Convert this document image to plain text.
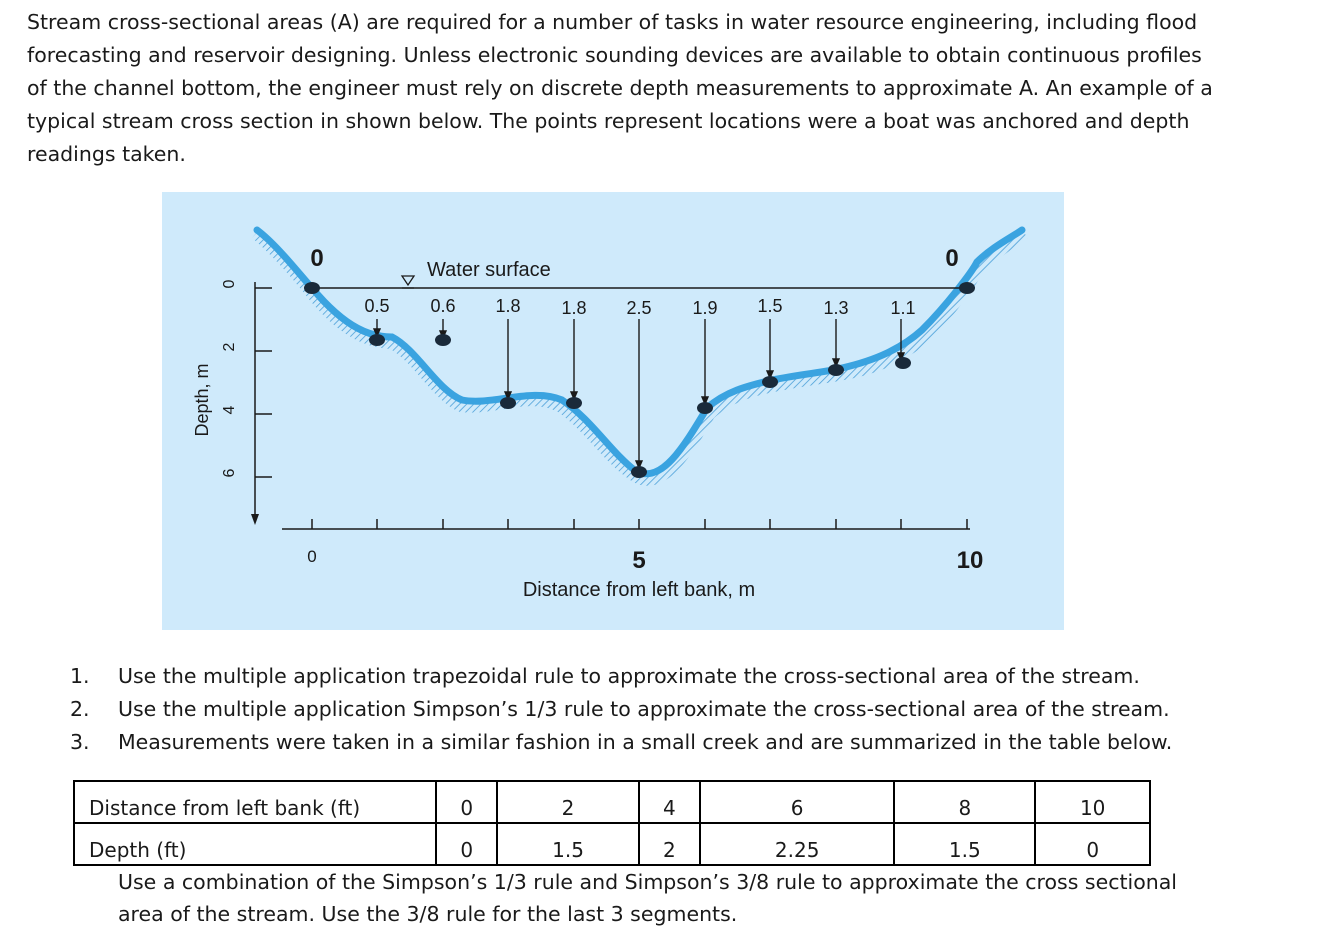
Stream cross-sectional areas (A) are required for a number of tasks in water resource engineering, including flood forecasting and reservoir designing. Unless electronic sounding devices are available to obtain continuous profiles of the channel bottom, the engineer must rely on discrete depth measurements to approximate A. An example of a typical stream cross section in shown below. The points represent locations were a boat was anchored and depth readings taken.

Water surface
0
2
4
6
Depth, m
0	5	10
Distance from left bank, m
0	0
0.5 0.6 1.8 1.8 2.5 1.9 1.5 1.3 1.1
1. Use the multiple application trapezoidal rule to approximate the cross-sectional area of the stream.
2. Use the multiple application Simpson’s 1/3 rule to approximate the cross-sectional area of the stream.
3. Measurements were taken in a similar fashion in a small creek and are summarized in the table below.
Distance from left bank (ft)	0	2	4	6	8	10
Depth (ft)	0	1.5	2	2.25	1.5	0

Use a combination of the Simpson’s 1/3 rule and Simpson’s 3/8 rule to approximate the cross sectional area of the stream. Use the 3/8 rule for the last 3 segments.
